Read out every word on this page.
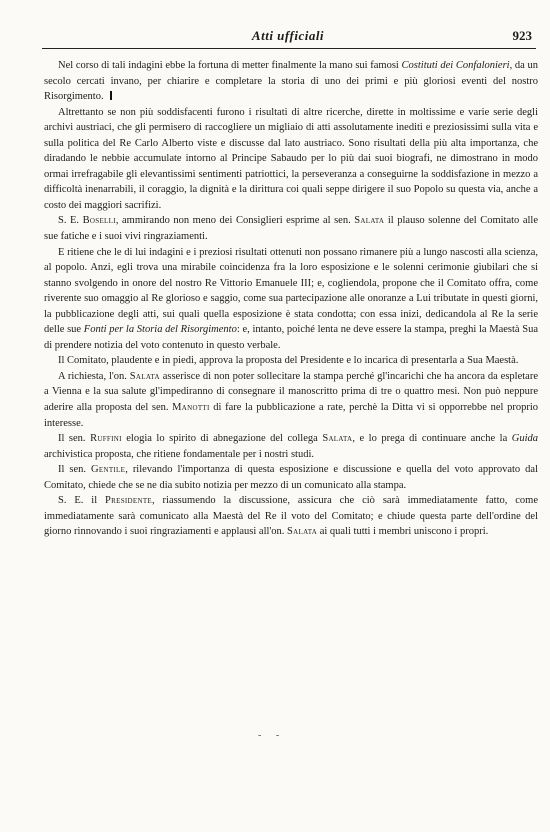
Atti ufficiali	923

Nel corso di tali indagini ebbe la fortuna di metter finalmente la mano sui famosi Costituti dei Confalonieri, da un secolo cercati invano, per chiarire e completare la storia di uno dei primi e più gloriosi eventi del nostro Risorgimento.

Altrettanto se non più soddisfacenti furono i risultati di altre ricerche, dirette in moltissime e varie serie degli archivi austriaci, che gli permisero di raccogliere un migliaio di atti assolutamente inediti e preziosissimi sulla vita e sulla politica del Re Carlo Alberto viste e discusse dal lato austriaco. Sono risultati della più alta importanza, che diradando le nebbie accumulate intorno al Principe Sabaudo per lo più dai suoi biografi, ne dimostrano in modo ormai irrefragabile gli elevantissimi sentimenti patriottici, la perseveranza a conseguirne la soddisfazione in mezzo a difficoltà inenarrabili, il coraggio, la dignità e la dirittura coi quali seppe dirigere il suo Popolo su questa via, anche a costo dei maggiori sacrifizi.

S. E. Boselli, ammirando non meno dei Consiglieri esprime al sen. Salata il plauso solenne del Comitato alle sue fatiche e i suoi vivi ringraziamenti.

E ritiene che le di lui indagini e i preziosi risultati ottenuti non possano rimanere più a lungo nascosti alla scienza, al popolo. Anzi, egli trova una mirabile coincidenza fra la loro esposizione e le solenni cerimonie giubilari che si stanno svolgendo in onore del nostro Re Vittorio Emanuele III; e, cogliendola, propone che il Comitato offra, come riverente suo omaggio al Re glorioso e saggio, come sua partecipazione alle onoranze a Lui tributate in questi giorni, la pubblicazione degli atti, sui quali quella esposizione è stata condotta; con essa inizi, dedicandola al Re la serie delle sue Fonti per la Storia del Risorgimento: e, intanto, poiché lenta ne deve essere la stampa, preghi la Maestà Sua di prendere notizia del voto contenuto in questo verbale.

Il Comitato, plaudente e in piedi, approva la proposta del Presidente e lo incarica di presentarla a Sua Maestà.

A richiesta, l'on. Salata asserisce di non poter sollecitare la stampa perché gl'incarichi che ha ancora da espletare a Vienna e la sua salute gl'impediranno di consegnare il manoscritto prima di tre o quattro mesi. Non può neppure aderire alla proposta del sen. Manotti di fare la pubblicazione a rate, perchè la Ditta vi si opporrebbe nel proprio interesse.

Il sen. Ruffini elogia lo spirito di abnegazione del collega Salata, e lo prega di continuare anche la Guida archivistica proposta, che ritiene fondamentale per i nostri studi.

Il sen. Gentile, rilevando l'importanza di questa esposizione e discussione e quella del voto approvato dal Comitato, chiede che se ne dia subito notizia per mezzo di un comunicato alla stampa.

S. E. il Presidente, riassumendo la discussione, assicura che ciò sarà immediatamente fatto, come immediatamente sarà comunicato alla Maestà del Re il voto del Comitato; e chiude questa parte dell'ordine del giorno rinnovando i suoi ringraziamenti e applausi all'on. Salata ai quali tutti i membri uniscono i propri.

- -
